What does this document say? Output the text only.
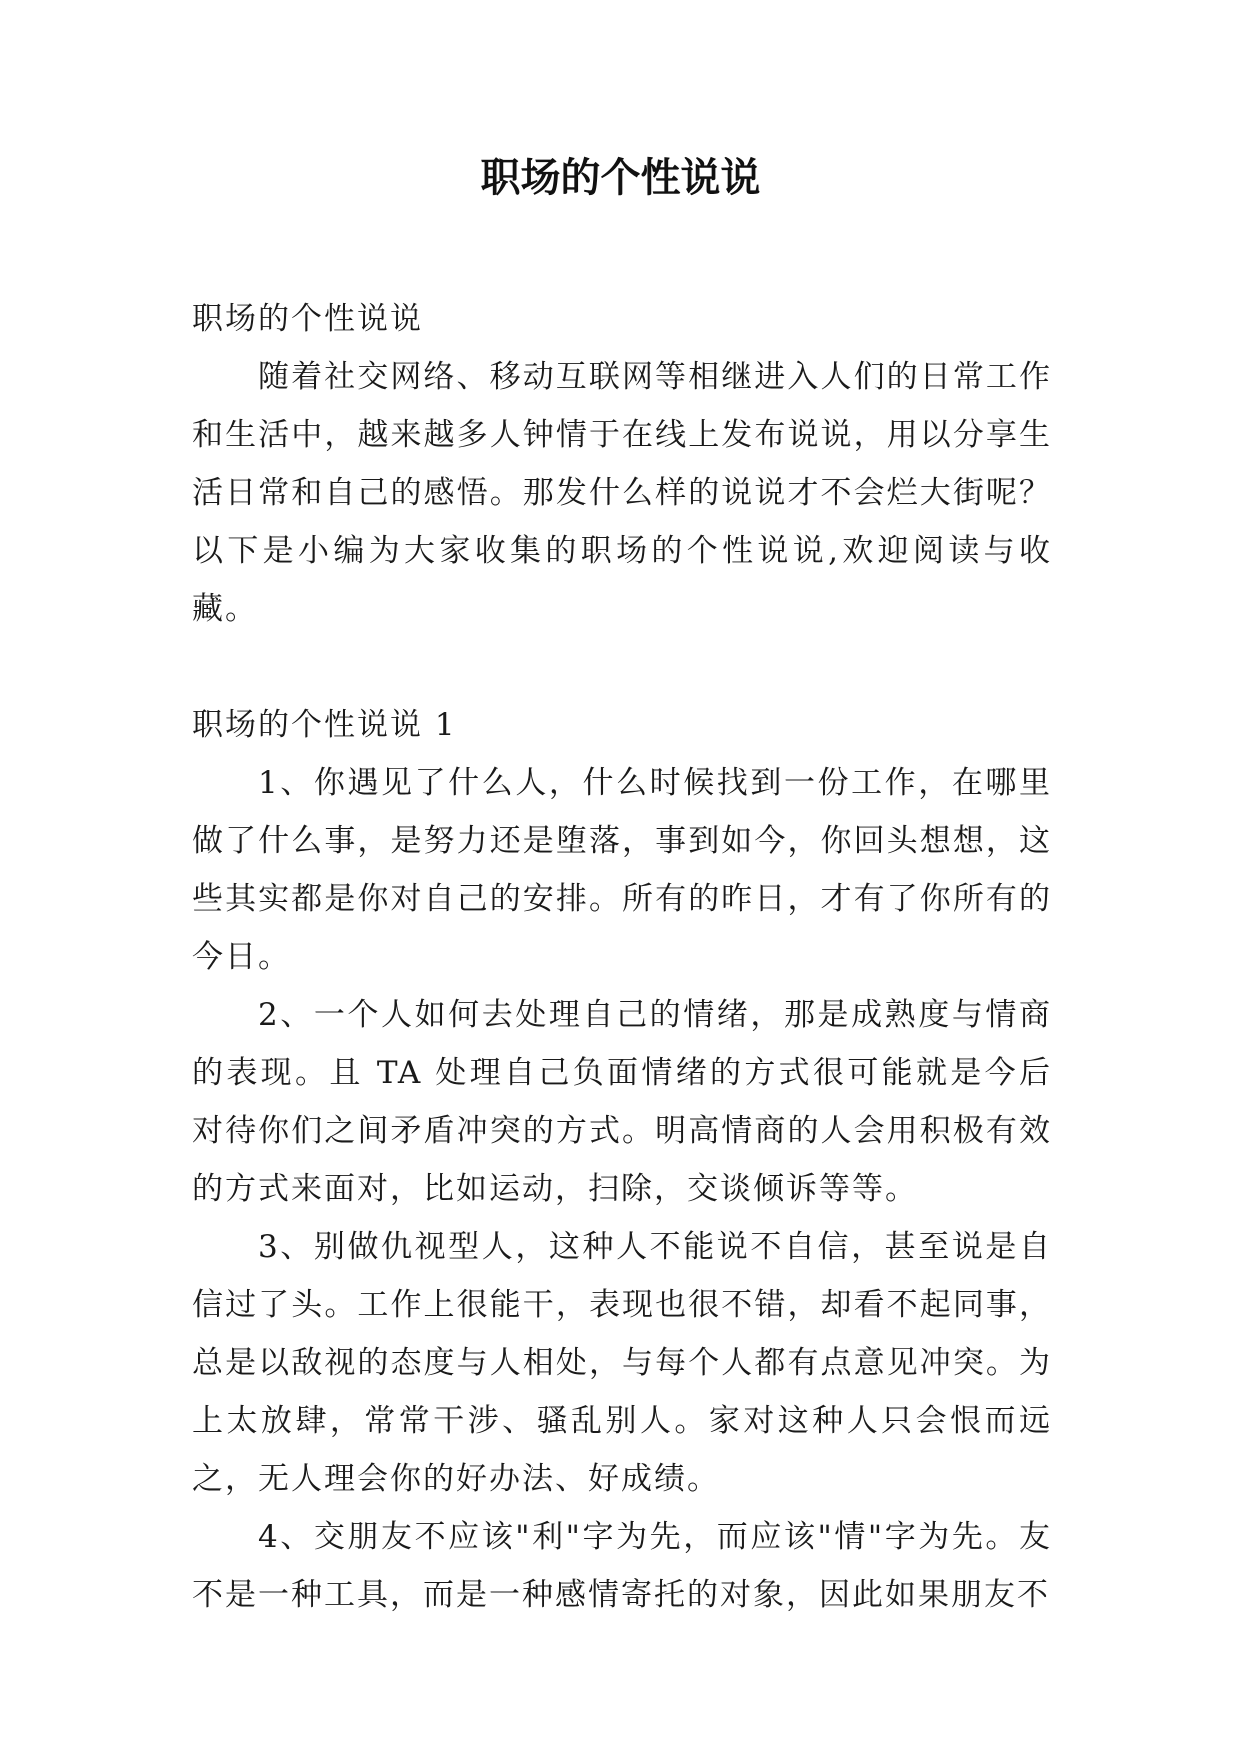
职场的个性说说

职场的个性说说

随着社交网络、移动互联网等相继进入人们的日常工作和生活中，越来越多人钟情于在线上发布说说，用以分享生活日常和自己的感悟。那发什么样的说说才不会烂大街呢？以下是小编为大家收集的职场的个性说说,欢迎阅读与收藏。

职场的个性说说 1

1、你遇见了什么人，什么时候找到一份工作，在哪里做了什么事，是努力还是堕落，事到如今，你回头想想，这些其实都是你对自己的安排。所有的昨日，才有了你所有的今日。

2、一个人如何去处理自己的情绪，那是成熟度与情商的表现。且 TA 处理自己负面情绪的方式很可能就是今后对待你们之间矛盾冲突的方式。明高情商的人会用积极有效的方式来面对，比如运动，扫除，交谈倾诉等等。

3、别做仇视型人，这种人不能说不自信，甚至说是自信过了头。工作上很能干，表现也很不错，却看不起同事，总是以敌视的态度与人相处，与每个人都有点意见冲突。为上太放肆，常常干涉、骚乱别人。家对这种人只会恨而远之，无人理会你的好办法、好成绩。

4、交朋友不应该"利"字为先，而应该"情"字为先。友不是一种工具，而是一种感情寄托的对象，因此如果朋友不
